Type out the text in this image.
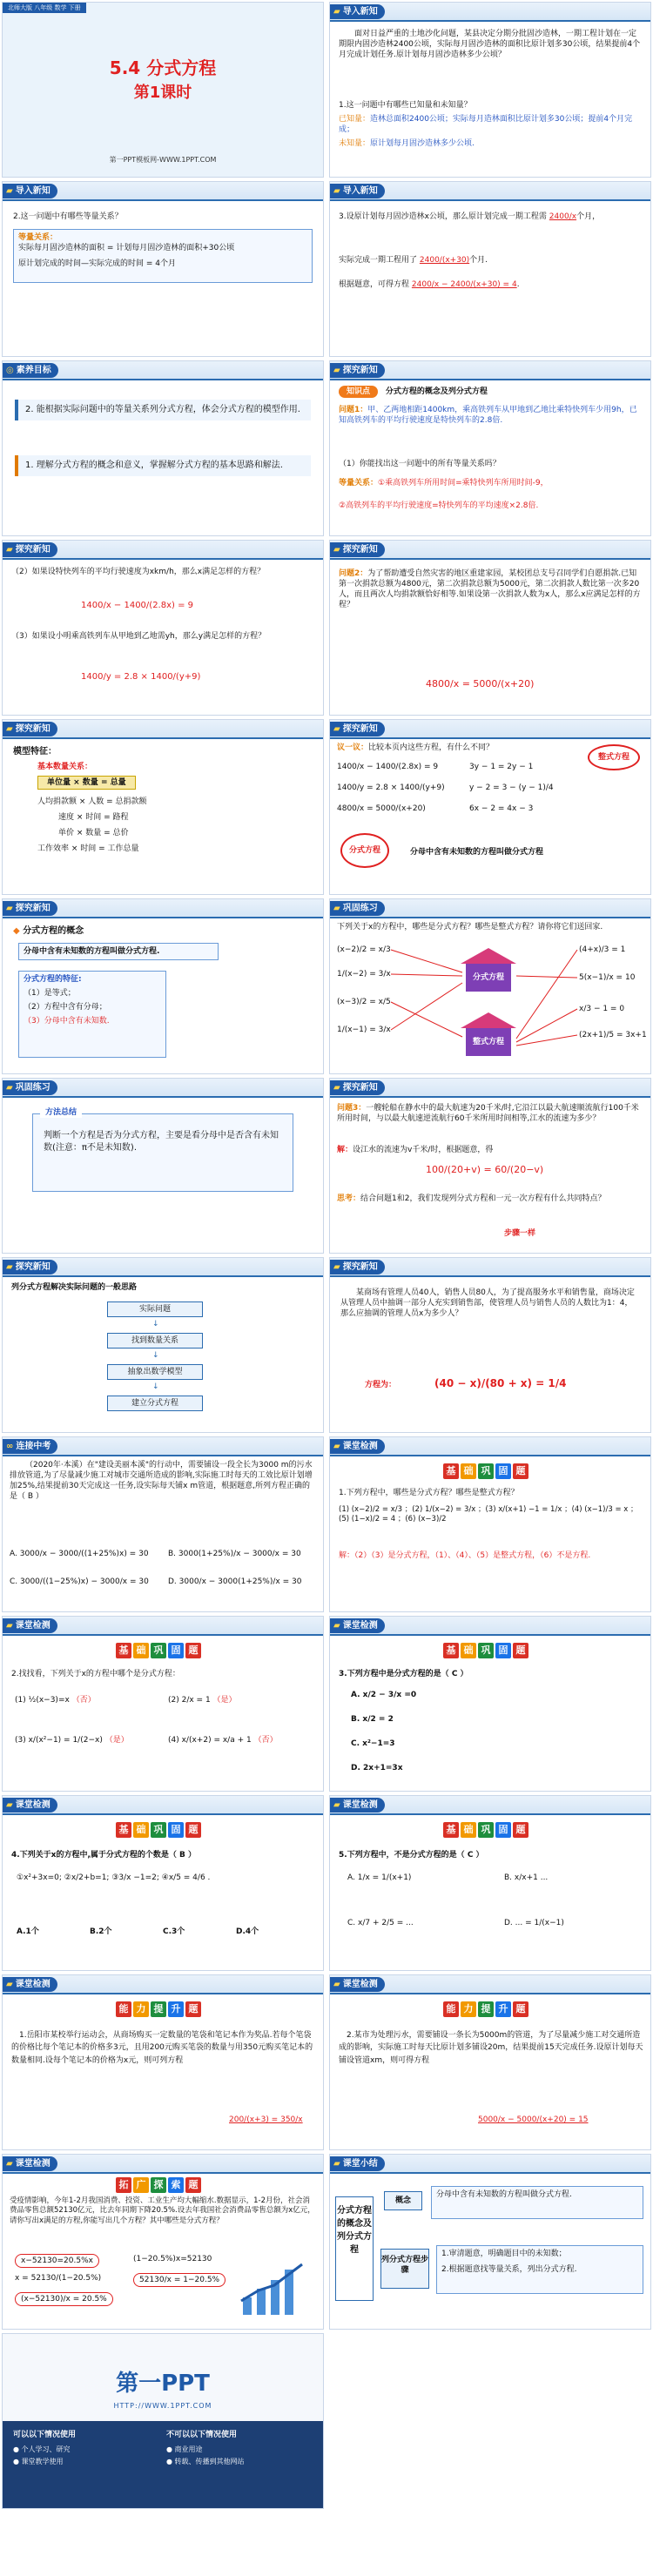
北师大版 八年级 数学 下册
5.4 分式方程
第1课时
第一PPT模板网-WWW.1PPT.COM
▰ 导入新知
面对日益严重的土地沙化问题，某县决定分期分批固沙造林，一期工程计划在一定期限内固沙造林2400公顷，实际每月固沙造林的面积比原计划多30公顷，结果提前4个月完成计划任务.原计划每月固沙造林多少公顷？
1.这一问题中有哪些已知量和未知量？
已知量：造林总面积2400公顷；实际每月造林面积比原计划多30公顷；提前4个月完成；
未知量：原计划每月固沙造林多少公顷.
▰ 导入新知
2.这一问题中有哪些等量关系？
等量关系：
实际每月固沙造林的面积 = 计划每月固沙造林的面积+30公顷
原计划完成的时间—实际完成的时间 = 4个月
▰ 导入新知
3.设原计划每月固沙造林x公顷，那么原计划完成一期工程需 2400/x个月，
实际完成一期工程用了 2400/(x+30)个月.
根据题意，可得方程 2400/x − 2400/(x+30) = 4.
◎ 素养目标
2. 能根据实际问题中的等量关系列分式方程，体会分式方程的模型作用.
1. 理解分式方程的概念和意义，掌握解分式方程的基本思路和解法.
▰ 探究新知
知识点 分式方程的概念及列分式方程
问题1：甲、乙两地相距1400km，乘高铁列车从甲地到乙地比乘特快列车少用9h，已知高铁列车的平均行驶速度是特快列车的2.8倍.
（1）你能找出这一问题中的所有等量关系吗？
等量关系：①乘高铁列车所用时间=乘特快列车所用时间-9，
②高铁列车的平均行驶速度=特快列车的平均速度×2.8倍.
▰ 探究新知
（2）如果设特快列车的平均行驶速度为xkm/h，那么x满足怎样的方程？
1400/x − 1400/(2.8x) = 9
（3）如果设小明乘高铁列车从甲地到乙地需yh，那么y满足怎样的方程？
1400/y = 2.8 × 1400/(y+9)
▰ 探究新知
问题2：为了帮助遭受自然灾害的地区重建家园，某校团总支号召同学们自愿捐款.已知第一次捐款总额为4800元，第二次捐款总额为5000元，第二次捐款人数比第一次多20人，而且两次人均捐款额恰好相等.如果设第一次捐款人数为x人，那么x应满足怎样的方程？
4800/x = 5000/(x+20)
▰ 探究新知
模型特征：
基本数量关系：
单位量 × 数量 = 总量
人均捐款额 × 人数 = 总捐款额
速度 × 时间 = 路程
单价 × 数量 = 总价
工作效率 × 时间 = 工作总量
▰ 探究新知
议一议：比较本页内这些方程，有什么不同？
1400/x − 1400/(2.8x) = 9
1400/y = 2.8 × 1400/(y+9)
4800/x = 5000/(x+20)
3y − 1 = 2y − 1
y − 2 = 3 − (y − 1)/4
6x − 2 = 4x − 3
整式方程
分式方程	分母中含有未知数的方程叫做分式方程
▰ 探究新知
◆ 分式方程的概念
分母中含有未知数的方程叫做分式方程.
分式方程的特征:
（1）是等式；
（2）方程中含有分母；
（3）分母中含有未知数.
▰ 巩固练习
下列关于x的方程中，哪些是分式方程？哪些是整式方程？请你将它们送回家.
(x−2)/2 = x/3
1/(x−2) = 3/x
(x−3)/2 = x/5
1/(x−1) = 3/x
(4+x)/3 = 1
5(x−1)/x = 10
x/3 − 1 = 0
(2x+1)/5 = 3x+1
分式方程
整式方程
▰ 巩固练习
方法总结
判断一个方程是否为分式方程，主要是看分母中是否含有未知数(注意：π不是未知数).
▰ 探究新知
问题3：一艘轮船在静水中的最大航速为20千米/时,它沿江以最大航速顺流航行100千米所用时间，与以最大航速逆流航行60千米所用时间相等,江水的流速为多少？
解：设江水的流速为v千米/时，根据题意，得
100/(20+v) = 60/(20−v)
思考：结合问题1和2，我们发现列分式方程和一元一次方程有什么共同特点？
步骤一样
▰ 探究新知
列分式方程解决实际问题的一般思路
实际问题
↓
找到数量关系
↓
抽象出数学模型
↓
建立分式方程
▰ 探究新知
某商场有管理人员40人，销售人员80人，为了提高服务水平和销售量，商场决定从管理人员中抽调一部分人充实到销售部，使管理人员与销售人员的人数比为1：4，那么应抽调的管理人员x为多少人？
方程为：	(40 − x)/(80 + x) = 1/4
∞ 连接中考
（2020年·本溪）在"建设美丽本溪"的行动中，需要铺设一段全长为3000 m的污水排放管道,为了尽量减少施工对城市交通所造成的影响,实际施工时每天的工效比原计划增加25%,结果提前30天完成这一任务,设实际每天铺x m管道，根据题意,所列方程正确的是（ B ）
A. 3000/x − 3000/((1+25%)x) = 30 B. 3000(1+25%)/x − 3000/x = 30
C. 3000/((1−25%)x) − 3000/x = 30 D. 3000/x − 3000(1+25%)/x = 30
▰ 课堂检测
基 础 巩 固 题
1.下列方程中，哪些是分式方程？哪些是整式方程？
(1) (x−2)/2 = x/3 ；(2) 1/(x−2) = 3/x ；(3) x/(x+1) −1 = 1/x ；(4) (x−1)/3 = x ；(5) (1−x)/2 = 4 ；(6) (x−3)/2
解：（2）（3）是分式方程，（1）、（4）、（5）是整式方程，（6）不是方程.
▰ 课堂检测
基 础 巩 固 题
2.找找看，下列关于x的方程中哪个是分式方程：
(1) ½(x−3)=x （否）	(2) 2/x = 1 （是）
(3) x/(x²−1) = 1/(2−x) （是）	(4) x/(x+2) = x/a + 1 （否）
▰ 课堂检测
基 础 巩 固 题
3.下列方程中是分式方程的是（ C ）
A. x/2 − 3/x =0
B. x/2 = 2
C. x²−1=3
D. 2x+1=3x
▰ 课堂检测
基 础 巩 固 题
4.下列关于x的方程中,属于分式方程的个数是（ B ）
①x²+3x=0; ②x/2+b=1; ③3/x −1=2; ④x/5 = 4/6 .
A.1个	B.2个	C.3个	D.4个
▰ 课堂检测
基 础 巩 固 题
5.下列方程中，不是分式方程的是（ C ）
A. 1/x = 1/(x+1)	B. x/x+1 ...
C. x/7 + 2/5 = ...	D. ... = 1/(x−1)
▰ 课堂检测
能 力 提 升 题
1.岳阳市某校举行运动会，从商场购买一定数量的笔袋和笔记本作为奖品.若每个笔袋的价格比每个笔记本的价格多3元，且用200元购买笔袋的数量与用350元购买笔记本的数量相同.设每个笔记本的价格为x元，则可列方程
200/(x+3) = 350/x
▰ 课堂检测
能 力 提 升 题
2.某市为处理污水，需要铺设一条长为5000m的管道，为了尽量减少施工对交通所造成的影响，实际施工时每天比原计划多铺设20m，结果提前15天完成任务.设原计划每天铺设管道xm，则可得方程
5000/x − 5000/(x+20) = 15
▰ 课堂检测
拓 广 探 索 题
受疫情影响，今年1-2月我国消费、投资、工业生产均大幅缩水.数据显示，1-2月份，社会消费品零售总额52130亿元，比去年同期下降20.5%.设去年我国社会消费品零售总额为x亿元，请你写出x满足的方程,你能写出几个方程？其中哪些是分式方程？
x−52130=20.5%x	(1−20.5%)x=52130
x = 52130/(1−20.5%)
(x−52130)/x = 20.5%
52130/x = 1−20.5%
▰ 课堂小结
分式方程的概念及列分式方程
概念
分母中含有未知数的方程叫做分式方程.
列分式方程步骤
1.审清题意，明确题目中的未知数；
2.根据题意找等量关系，列出分式方程.
第一PPT
HTTP://WWW.1PPT.COM
可以以下情况使用
● 个人学习、研究
● 课堂教学使用
不可以以下情况使用
● 商业用途
● 转载、传播到其他网站
